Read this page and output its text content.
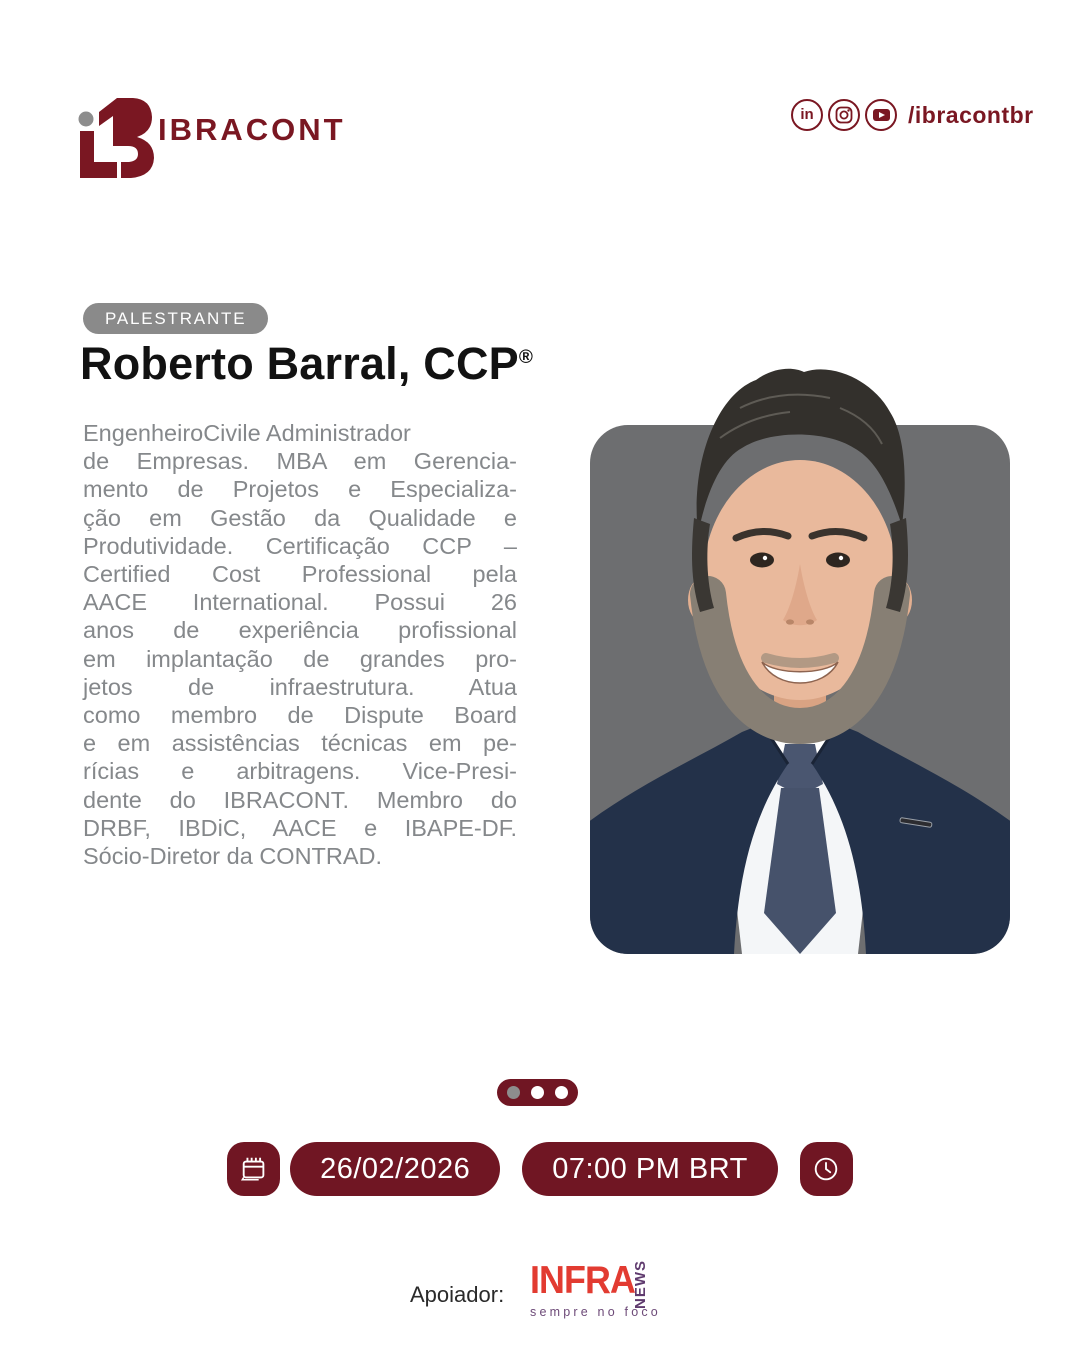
IBRACONT	in	/ibracontbr
PALESTRANTE
Roberto Barral, CCP®
EngenheiroCivile Administrador
de Empresas. MBA em Gerencia-
mento de Projetos e Especializa-
ção em Gestão da Qualidade e
Produtividade. Certificação CCP –
Certified Cost Professional pela
AACE International. Possui 26
anos de experiência profissional
em implantação de grandes pro-
jetos de infraestrutura. Atua
como membro de Dispute Board
e em assistências técnicas em pe-
rícias e arbitragens. Vice-Presi-
dente do IBRACONT. Membro do
DRBF, IBDiC, AACE e IBAPE-DF.
Sócio-Diretor da CONTRAD.
26/02/2026	07:00 PM BRT
Apoiador: INFRA
sempre no foco
NEWS
